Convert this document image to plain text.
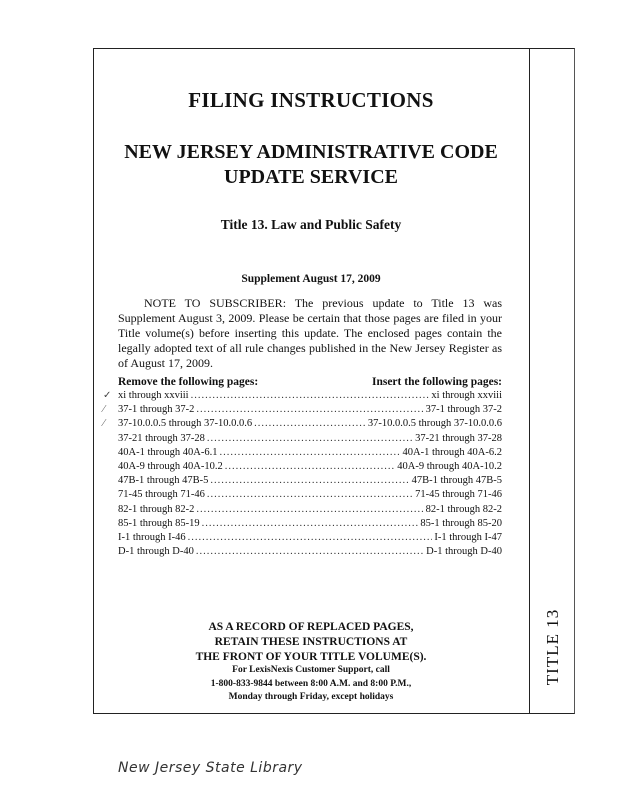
TITLE 13
FILING INSTRUCTIONS
NEW JERSEY ADMINISTRATIVE CODE
UPDATE SERVICE
Title 13. Law and Public Safety
Supplement August 17, 2009
NOTE TO SUBSCRIBER: The previous update to Title 13 was Supplement August 3, 2009. Please be certain that those pages are filed in your Title volume(s) before inserting this update. The enclosed pages contain the legally adopted text of all rule changes published in the New Jersey Register as of August 17, 2009.
Remove the following pages:	Insert the following pages:
xi through xxviii .....	xi through xxviii
37-1 through 37-2 .....	37-1 through 37-2
37-10.0.0.5 through 37-10.0.0.6 .....	37-10.0.0.5 through 37-10.0.0.6
37-21 through 37-28 .....	37-21 through 37-28
40A-1 through 40A-6.1 .....	40A-1 through 40A-6.2
40A-9 through 40A-10.2 .....	40A-9 through 40A-10.2
47B-1 through 47B-5 .....	47B-1 through 47B-5
71-45 through 71-46 .....	71-45 through 71-46
82-1 through 82-2 .....	82-1 through 82-2
85-1 through 85-19 .....	85-1 through 85-20
I-1 through I-46 .....	I-1 through I-47
D-1 through D-40 .....	D-1 through D-40
✓
⁄
⁄
AS A RECORD OF REPLACED PAGES,
RETAIN THESE INSTRUCTIONS AT
THE FRONT OF YOUR TITLE VOLUME(S).
For LexisNexis Customer Support, call
1-800-833-9844 between 8:00 A.M. and 8:00 P.M.,
Monday through Friday, except holidays
New Jersey State Library
